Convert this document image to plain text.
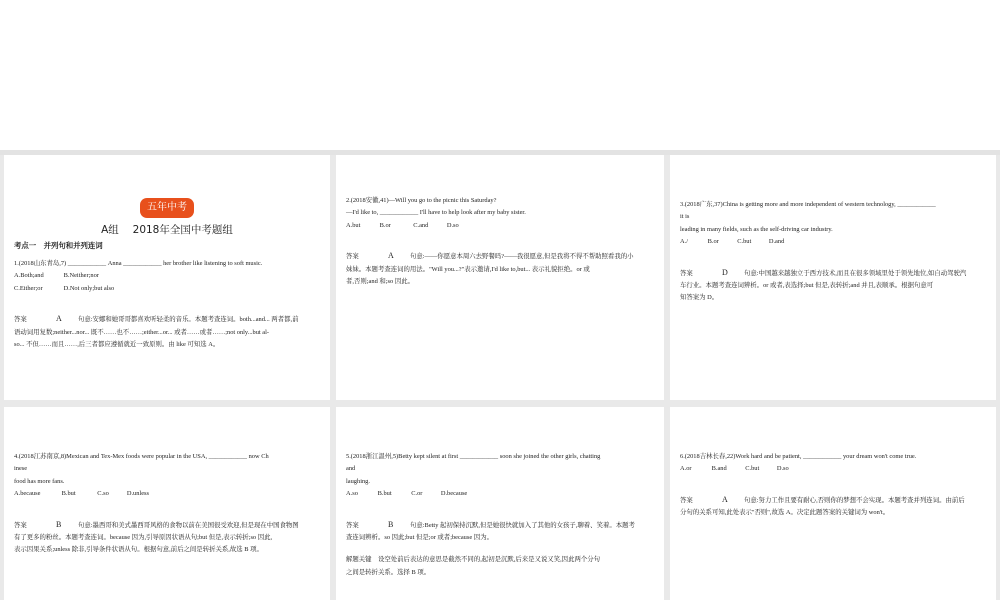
五年中考
A组　 2018年全国中考题组
考点一　并列句和并列连词

1.(2018山东青岛,7) ____________ Anna ____________ her brother like listening to soft music.

A.Both;and	B.Neither;nor

C.Either;or	D.Not only;but also

答案	A	句意:安娜和她哥哥都喜欢听轻柔的音乐。本题考查连词。both...and... 两者都,前

语动词用复数;neither...nor... 既不……也不……;either...or... 或者……或者……;not only...but al-

so... 不但……而且……,后三者都应遵循就近一致原则。由 like 可知选 A。

2.(2018安徽,41)—Will you go to the picnic this Saturday?

—I'd like to, ____________ I'll have to help look after my baby sister.

A.but	B.or	C.and	D.so

答案	A	句意:——你愿意本周六去野餐吗?——我很愿意,但是我将不得不帮助照看我的小

妹妹。本题考查连词的用法。"Will you...?"表示邀请,I'd like to,but... 表示礼貌拒绝。or 或

者,否则;and 和;so 因此。

3.(2018广东,37)China is getting more and more independent of western technology, ____________

it is

leading in many fields, such as the self-driving car industry.

A./	B.or	C.but	D.and

答案	D	句意:中国越来越独立于西方技术,而且在很多领域里处于领先地位,如自动驾驶汽

车行业。本题考查连词辨析。or 或者,表选择;but 但是,表转折;and 并且,表顺承。根据句意可

知答案为 D。

4.(2018江苏南京,8)Mexican and Tex-Mex foods were popular in the USA, ____________ now Ch

inese

food has more fans.

A.because	B.but	C.so	D.unless

答案	B	句意:墨西哥和美式墨西哥风格的食物以前在美国很受欢迎,但是现在中国食物图

有了更多的粉丝。本题考查连词。because 因为,引导原因状语从句;but 但是,表示转折;so 因此,

表示因果关系;unless 除非,引导条件状语从句。根据句意,前后之间是转折关系,故选 B 项。

5.(2018浙江温州,5)Betty kept silent at first ____________ soon she joined the other girls, chatting

and

laughing.

A.so	B.but	C.or	D.because

答案	B	句意:Betty 起初保持沉默,但是她很快就加入了其他的女孩子,聊着、笑着。本题考

查连词辨析。so 因此;but 但是;or 或者;because 因为。

解题关键　设空处前后表达的意思是截然不同的,起初是沉默,后来是又说又笑,因此两个分句

之间是转折关系。选择 B 项。

6.(2018吉林长春,22)Work hard and be patient, ____________ your dream won't come true.

A.or	B.and	C.but	D.so

答案	A	句意:努力工作且要有耐心,否则你的梦想不会实现。本题考查并列连词。由前后

分句的关系可知,此处表示"否则",故选 A。决定此题答案的关键词为 won't。
